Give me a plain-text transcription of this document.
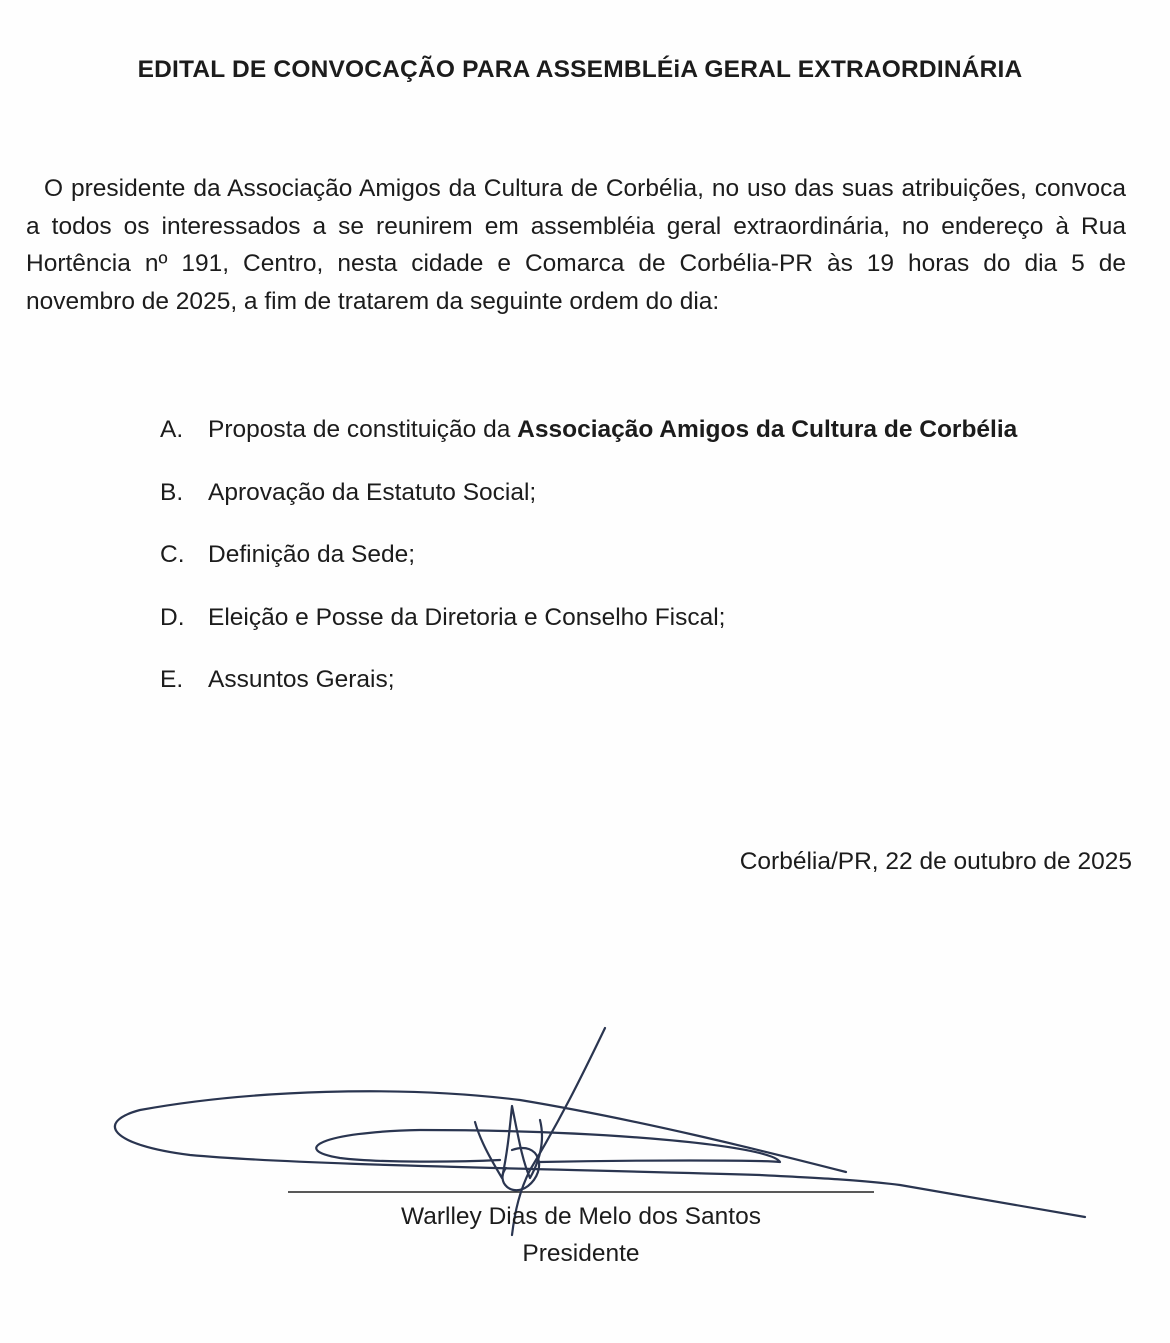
EDITAL DE CONVOCAÇÃO PARA ASSEMBLÉiA GERAL EXTRAORDINÁRIA

O presidente da Associação Amigos da Cultura de Corbélia, no uso das suas atribuições, convoca a todos os interessados a se reunirem em assembléia geral extraordinária, no endereço à Rua Hortência nº 191, Centro, nesta cidade e Comarca de Corbélia-PR às 19 horas do dia 5 de novembro de 2025, a fim de tratarem da seguinte ordem do dia:

A.	Proposta de constituição da Associação Amigos da Cultura de Corbélia
B.	Aprovação da Estatuto Social;
C. Definição da Sede;
D. Eleição e Posse da Diretoria e Conselho Fiscal;
E.	Assuntos Gerais;

Corbélia/PR, 22 de outubro de 2025

Warlley Dias de Melo dos Santos
Presidente
